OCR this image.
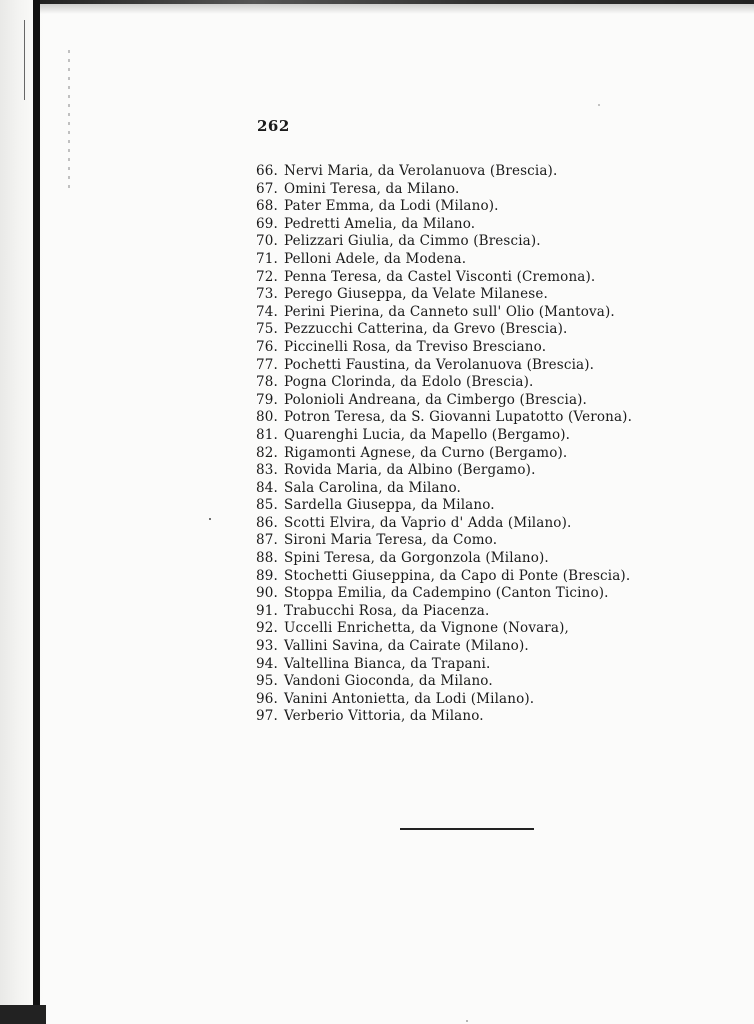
262
66. Nervi Maria, da Verolanuova (Brescia).
67. Omini Teresa, da Milano.
68. Pater Emma, da Lodi (Milano).
69. Pedretti Amelia, da Milano.
70. Pelizzari Giulia, da Cimmo (Brescia).
71. Pelloni Adele, da Modena.
72. Penna Teresa, da Castel Visconti (Cremona).
73. Perego Giuseppa, da Velate Milanese.
74. Perini Pierina, da Canneto sull' Olio (Mantova).
75. Pezzucchi Catterina, da Grevo (Brescia).
76. Piccinelli Rosa, da Treviso Bresciano.
77. Pochetti Faustina, da Verolanuova (Brescia).
78. Pogna Clorinda, da Edolo (Brescia).
79. Polonioli Andreana, da Cimbergo (Brescia).
80. Potron Teresa, da S. Giovanni Lupatotto (Verona).
81. Quarenghi Lucia, da Mapello (Bergamo).
82. Rigamonti Agnese, da Curno (Bergamo).
83. Rovida Maria, da Albino (Bergamo).
84. Sala Carolina, da Milano.
85. Sardella Giuseppa, da Milano.
86. Scotti Elvira, da Vaprio d' Adda (Milano).
87. Sironi Maria Teresa, da Como.
88. Spini Teresa, da Gorgonzola (Milano).
89. Stochetti Giuseppina, da Capo di Ponte (Brescia).
90. Stoppa Emilia, da Cadempino (Canton Ticino).
91. Trabucchi Rosa, da Piacenza.
92. Uccelli Enrichetta, da Vignone (Novara),
93. Vallini Savina, da Cairate (Milano).
94. Valtellina Bianca, da Trapani.
95. Vandoni Gioconda, da Milano.
96. Vanini Antonietta, da Lodi (Milano).
97. Verberio Vittoria, da Milano.
